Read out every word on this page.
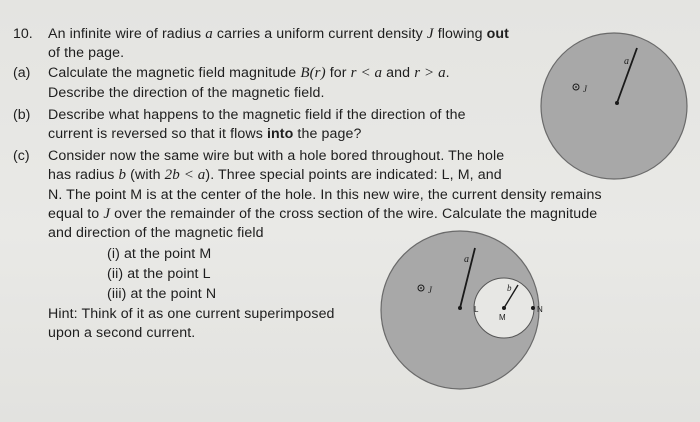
10. An infinite wire of radius a carries a uniform current density J flowing out
of the page.
(a) Calculate the magnetic field magnitude B(r) for r < a and r > a.
Describe the direction of the magnetic field.
(b) Describe what happens to the magnetic field if the direction of the
current is reversed so that it flows into the page?
(c) Consider now the same wire but with a hole bored throughout. The hole
has radius b (with 2b < a). Three special points are indicated: L, M, and
N. The point M is at the center of the hole. In this new wire, the current density remains
equal to J over the remainder of the cross section of the wire. Calculate the magnitude
and direction of the magnetic field
(i) at the point M
(ii) at the point L
(iii) at the point N
Hint: Think of it as one current superimposed
upon a second current.
a
J
a
b
L
M
N
J
